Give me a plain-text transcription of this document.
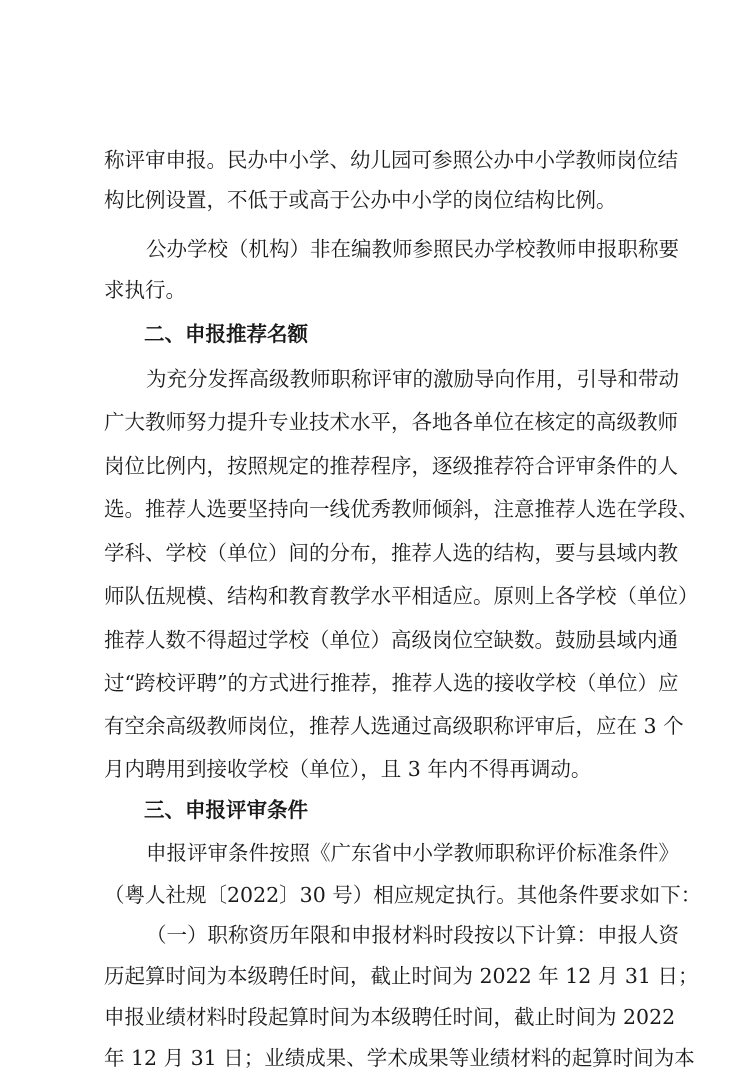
称评审申报。民办中小学、幼儿园可参照公办中小学教师岗位结
构比例设置，不低于或高于公办中小学的岗位结构比例。
公办学校（机构）非在编教师参照民办学校教师申报职称要
求执行。
二、申报推荐名额
为充分发挥高级教师职称评审的激励导向作用，引导和带动
广大教师努力提升专业技术水平，各地各单位在核定的高级教师
岗位比例内，按照规定的推荐程序，逐级推荐符合评审条件的人
选。推荐人选要坚持向一线优秀教师倾斜，注意推荐人选在学段、
学科、学校（单位）间的分布，推荐人选的结构，要与县域内教
师队伍规模、结构和教育教学水平相适应。原则上各学校（单位）
推荐人数不得超过学校（单位）高级岗位空缺数。鼓励县域内通
过“跨校评聘”的方式进行推荐，推荐人选的接收学校（单位）应
有空余高级教师岗位，推荐人选通过高级职称评审后，应在 3 个
月内聘用到接收学校（单位），且 3 年内不得再调动。
三、申报评审条件
申报评审条件按照《广东省中小学教师职称评价标准条件》
（粤人社规〔2022〕30 号）相应规定执行。其他条件要求如下：
（一）职称资历年限和申报材料时段按以下计算：申报人资
历起算时间为本级聘任时间，截止时间为 2022 年 12 月 31 日；
申报业绩材料时段起算时间为本级聘任时间，截止时间为 2022
年 12 月 31 日；业绩成果、学术成果等业绩材料的起算时间为本
